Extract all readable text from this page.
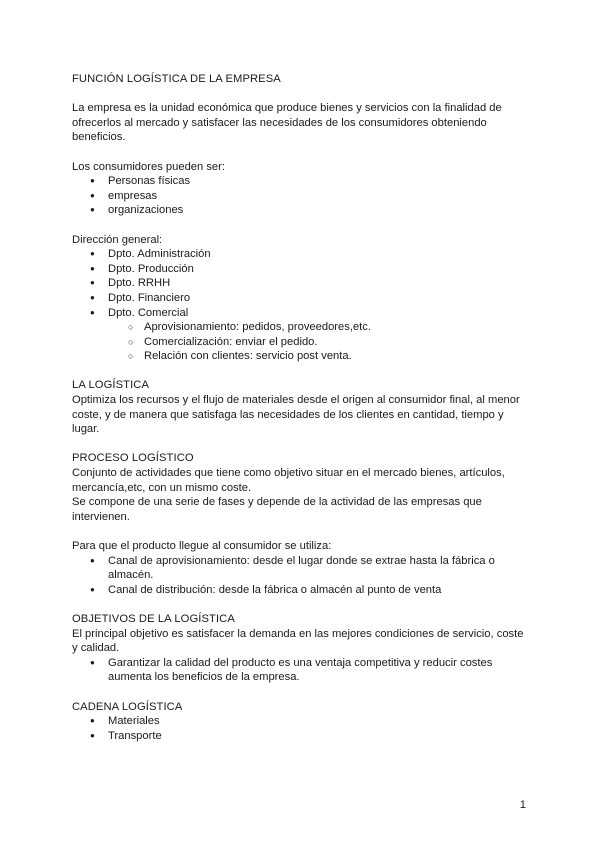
FUNCIÓN LOGÍSTICA DE LA EMPRESA

La empresa es la unidad económica que produce bienes y servicios con la finalidad de ofrecerlos al mercado y satisfacer las necesidades de los consumidores obteniendo beneficios.

Los consumidores pueden ser:

● Personas físicas
● empresas
● organizaciones

Dirección general:

● Dpto. Administración
● Dpto. Producción
● Dpto. RRHH
● Dpto. Financiero
● Dpto. Comercial
○ Aprovisionamiento: pedidos, proveedores,etc.
○ Comercialización: enviar el pedido.
○ Relación con clientes: servicio post venta.
LA LOGÍSTICA

Optimiza los recursos y el flujo de materiales desde el origen al consumidor final, al menor coste, y de manera que satisfaga las necesidades de los clientes en cantidad, tiempo y lugar.

PROCESO LOGÍSTICO

Conjunto de actividades que tiene como objetivo situar en el mercado bienes, artículos, mercancía,etc, con un mismo coste.

Se compone de una serie de fases y depende de la actividad de las empresas que intervienen.

Para que el producto llegue al consumidor se utiliza:

● Canal de aprovisionamiento: desde el lugar donde se extrae hasta la fábrica o almacén.
● Canal de distribución: desde la fábrica o almacén al punto de venta
OBJETIVOS DE LA LOGÍSTICA

El principal objetivo es satisfacer la demanda en las mejores condiciones de servicio, coste y calidad.

● Garantizar la calidad del producto es una ventaja competitiva y reducir costes aumenta los beneficios de la empresa.
CADENA LOGÍSTICA
● Materiales
● Transporte
1
